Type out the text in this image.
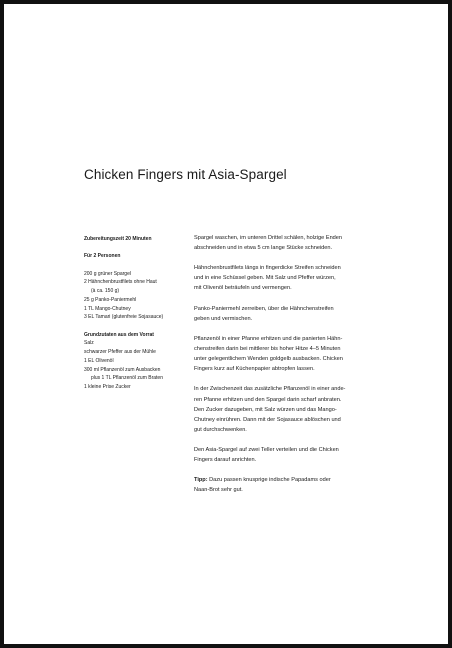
Chicken Fingers mit Asia-Spargel
Zubereitungszeit 20 Minuten
Für 2 Personen
200 g grüner Spargel
2 Hähnchenbrustfilets ohne Haut
(à ca. 150 g)
25 g Panko-Paniermehl
1 TL Mango-Chutney
3 EL Tamari (glutenfreie Sojasauce)
Grundzutaten aus dem Vorrat
Salz
schwarzer Pfeffer aus der Mühle
1 EL Olivenöl
300 ml Pflanzenöl zum Ausbacken
plus 1 TL Pflanzenöl zum Braten
1 kleine Prise Zucker

Spargel waschen, im unteren Drittel schälen, holzige Enden

abschneiden und in etwa 5 cm lange Stücke schneiden.

Hähnchenbrustfilets längs in fingerdicke Streifen schneiden

und in eine Schüssel geben. Mit Salz und Pfeffer würzen,

mit Olivenöl beträufeln und vermengen.

Panko-Paniermehl zerreiben, über die Hähnchenstreifen

geben und vermischen.

Pflanzenöl in einer Pfanne erhitzen und die panierten Hähn-

chenstreifen darin bei mittlerer bis hoher Hitze 4–5 Minuten

unter gelegentlichem Wenden goldgelb ausbacken. Chicken

Fingers kurz auf Küchenpapier abtropfen lassen.

In der Zwischenzeit das zusätzliche Pflanzenöl in einer ande-

ren Pfanne erhitzen und den Spargel darin scharf anbraten.

Den Zucker dazugeben, mit Salz würzen und das Mango-

Chutney einrühren. Dann mit der Sojasauce ablöschen und

gut durchschwenken.

Den Asia-Spargel auf zwei Teller verteilen und die Chicken

Fingers darauf anrichten.

Tipp: Dazu passen knusprige indische Papadams oder

Naan-Brot sehr gut.
